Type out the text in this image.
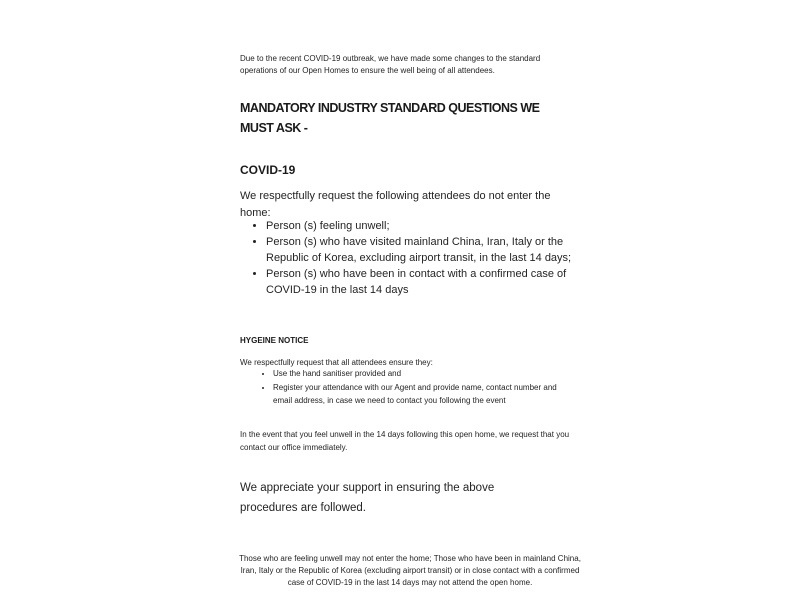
Due to the recent COVID-19 outbreak, we have made some changes to the standard operations of our Open Homes to ensure the well being of all attendees.

MANDATORY INDUSTRY STANDARD QUESTIONS WE MUST ASK -
COVID-19

We respectfully request the following attendees do not enter the home:

• Person (s) feeling unwell;
• Person (s) who have visited mainland China, Iran, Italy or the Republic of Korea, excluding airport transit, in the last 14 days;
• Person (s) who have been in contact with a confirmed case of COVID-19 in the last 14 days
HYGEINE NOTICE

We respectfully request that all attendees ensure they:

• Use the hand sanitiser provided and
• Register your attendance with our Agent and provide name, contact number and email address, in case we need to contact you following the event

In the event that you feel unwell in the 14 days following this open home, we request that you contact our office immediately.

We appreciate your support in ensuring the above procedures are followed.

Those who are feeling unwell may not enter the home; Those who have been in mainland China, Iran, Italy or the Republic of Korea (excluding airport transit) or in close contact with a confirmed case of COVID-19 in the last 14 days may not attend the open home.
